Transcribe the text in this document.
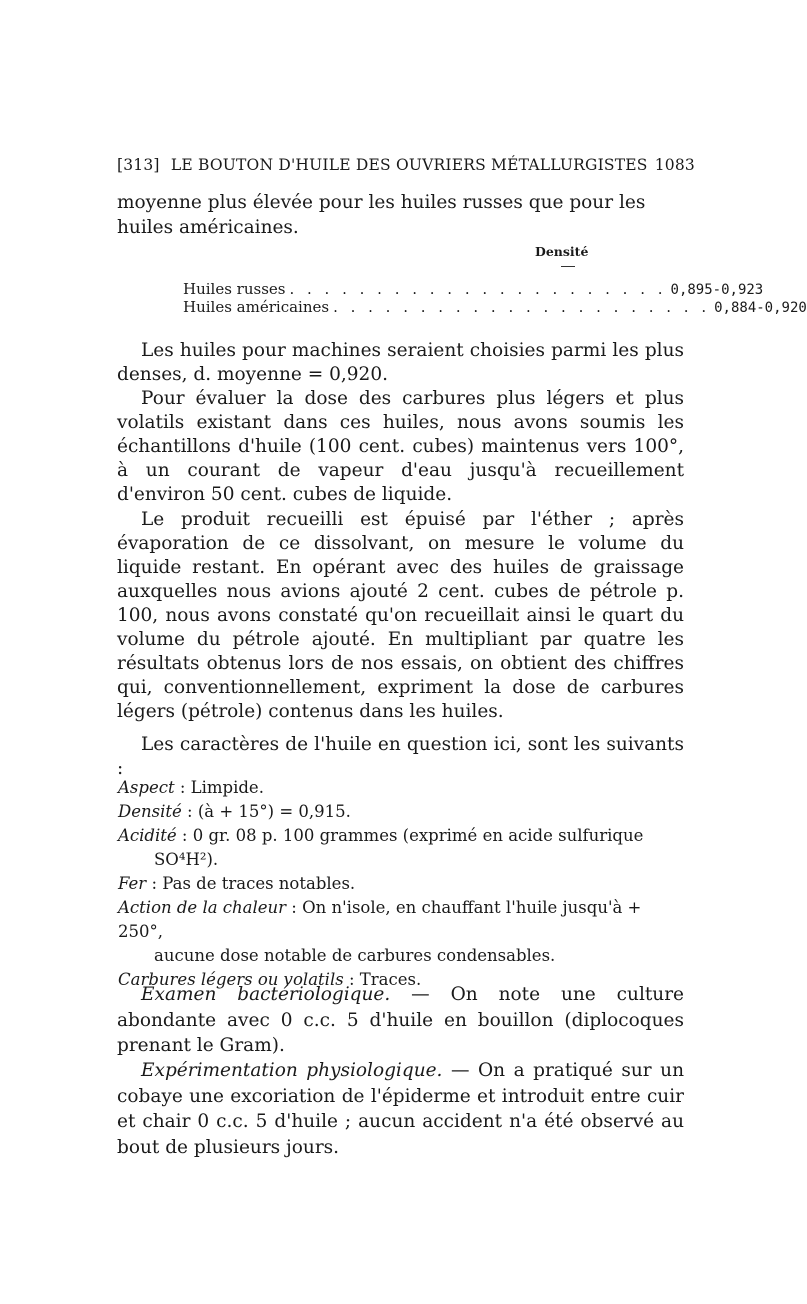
[313] LE BOUTON D'HUILE DES OUVRIERS MÉTALLURGISTES 1083
moyenne plus élevée pour les huiles russes que pour les huiles américaines.
Densité
Huiles russes . . . . . . . . . . . . . . . . . . . . . . 0,895-0,923
Huiles américaines . . . . . . . . . . . . . . . . . . . . . . 0,884-0,920
Les huiles pour machines seraient choisies parmi les plus denses, d. moyenne = 0,920.
Pour évaluer la dose des carbures plus légers et plus volatils existant dans ces huiles, nous avons soumis les échantillons d'huile (100 cent. cubes) maintenus vers 100°, à un courant de vapeur d'eau jusqu'à recueillement d'environ 50 cent. cubes de liquide.
Le produit recueilli est épuisé par l'éther ; après évaporation de ce dissolvant, on mesure le volume du liquide restant. En opérant avec des huiles de graissage auxquelles nous avions ajouté 2 cent. cubes de pétrole p. 100, nous avons constaté qu'on recueillait ainsi le quart du volume du pétrole ajouté. En multipliant par quatre les résultats obtenus lors de nos essais, on obtient des chiffres qui, conventionnellement, expriment la dose de carbures légers (pétrole) contenus dans les huiles.
Les caractères de l'huile en question ici, sont les suivants :

Aspect : Limpide.

Densité : (à + 15°) = 0,915.

Acidité : 0 gr. 08 p. 100 grammes (exprimé en acide sulfurique
SO⁴H²).

Fer : Pas de traces notables.

Action de la chaleur : On n'isole, en chauffant l'huile jusqu'à + 250°,
aucune dose notable de carbures condensables.

Carbures légers ou volatils : Traces.

Examen bactériologique. — On note une culture abondante avec 0 c.c. 5 d'huile en bouillon (diplocoques prenant le Gram).
Expérimentation physiologique. — On a pratiqué sur un cobaye une excoriation de l'épiderme et introduit entre cuir et chair 0 c.c. 5 d'huile ; aucun accident n'a été observé au bout de plusieurs jours.
